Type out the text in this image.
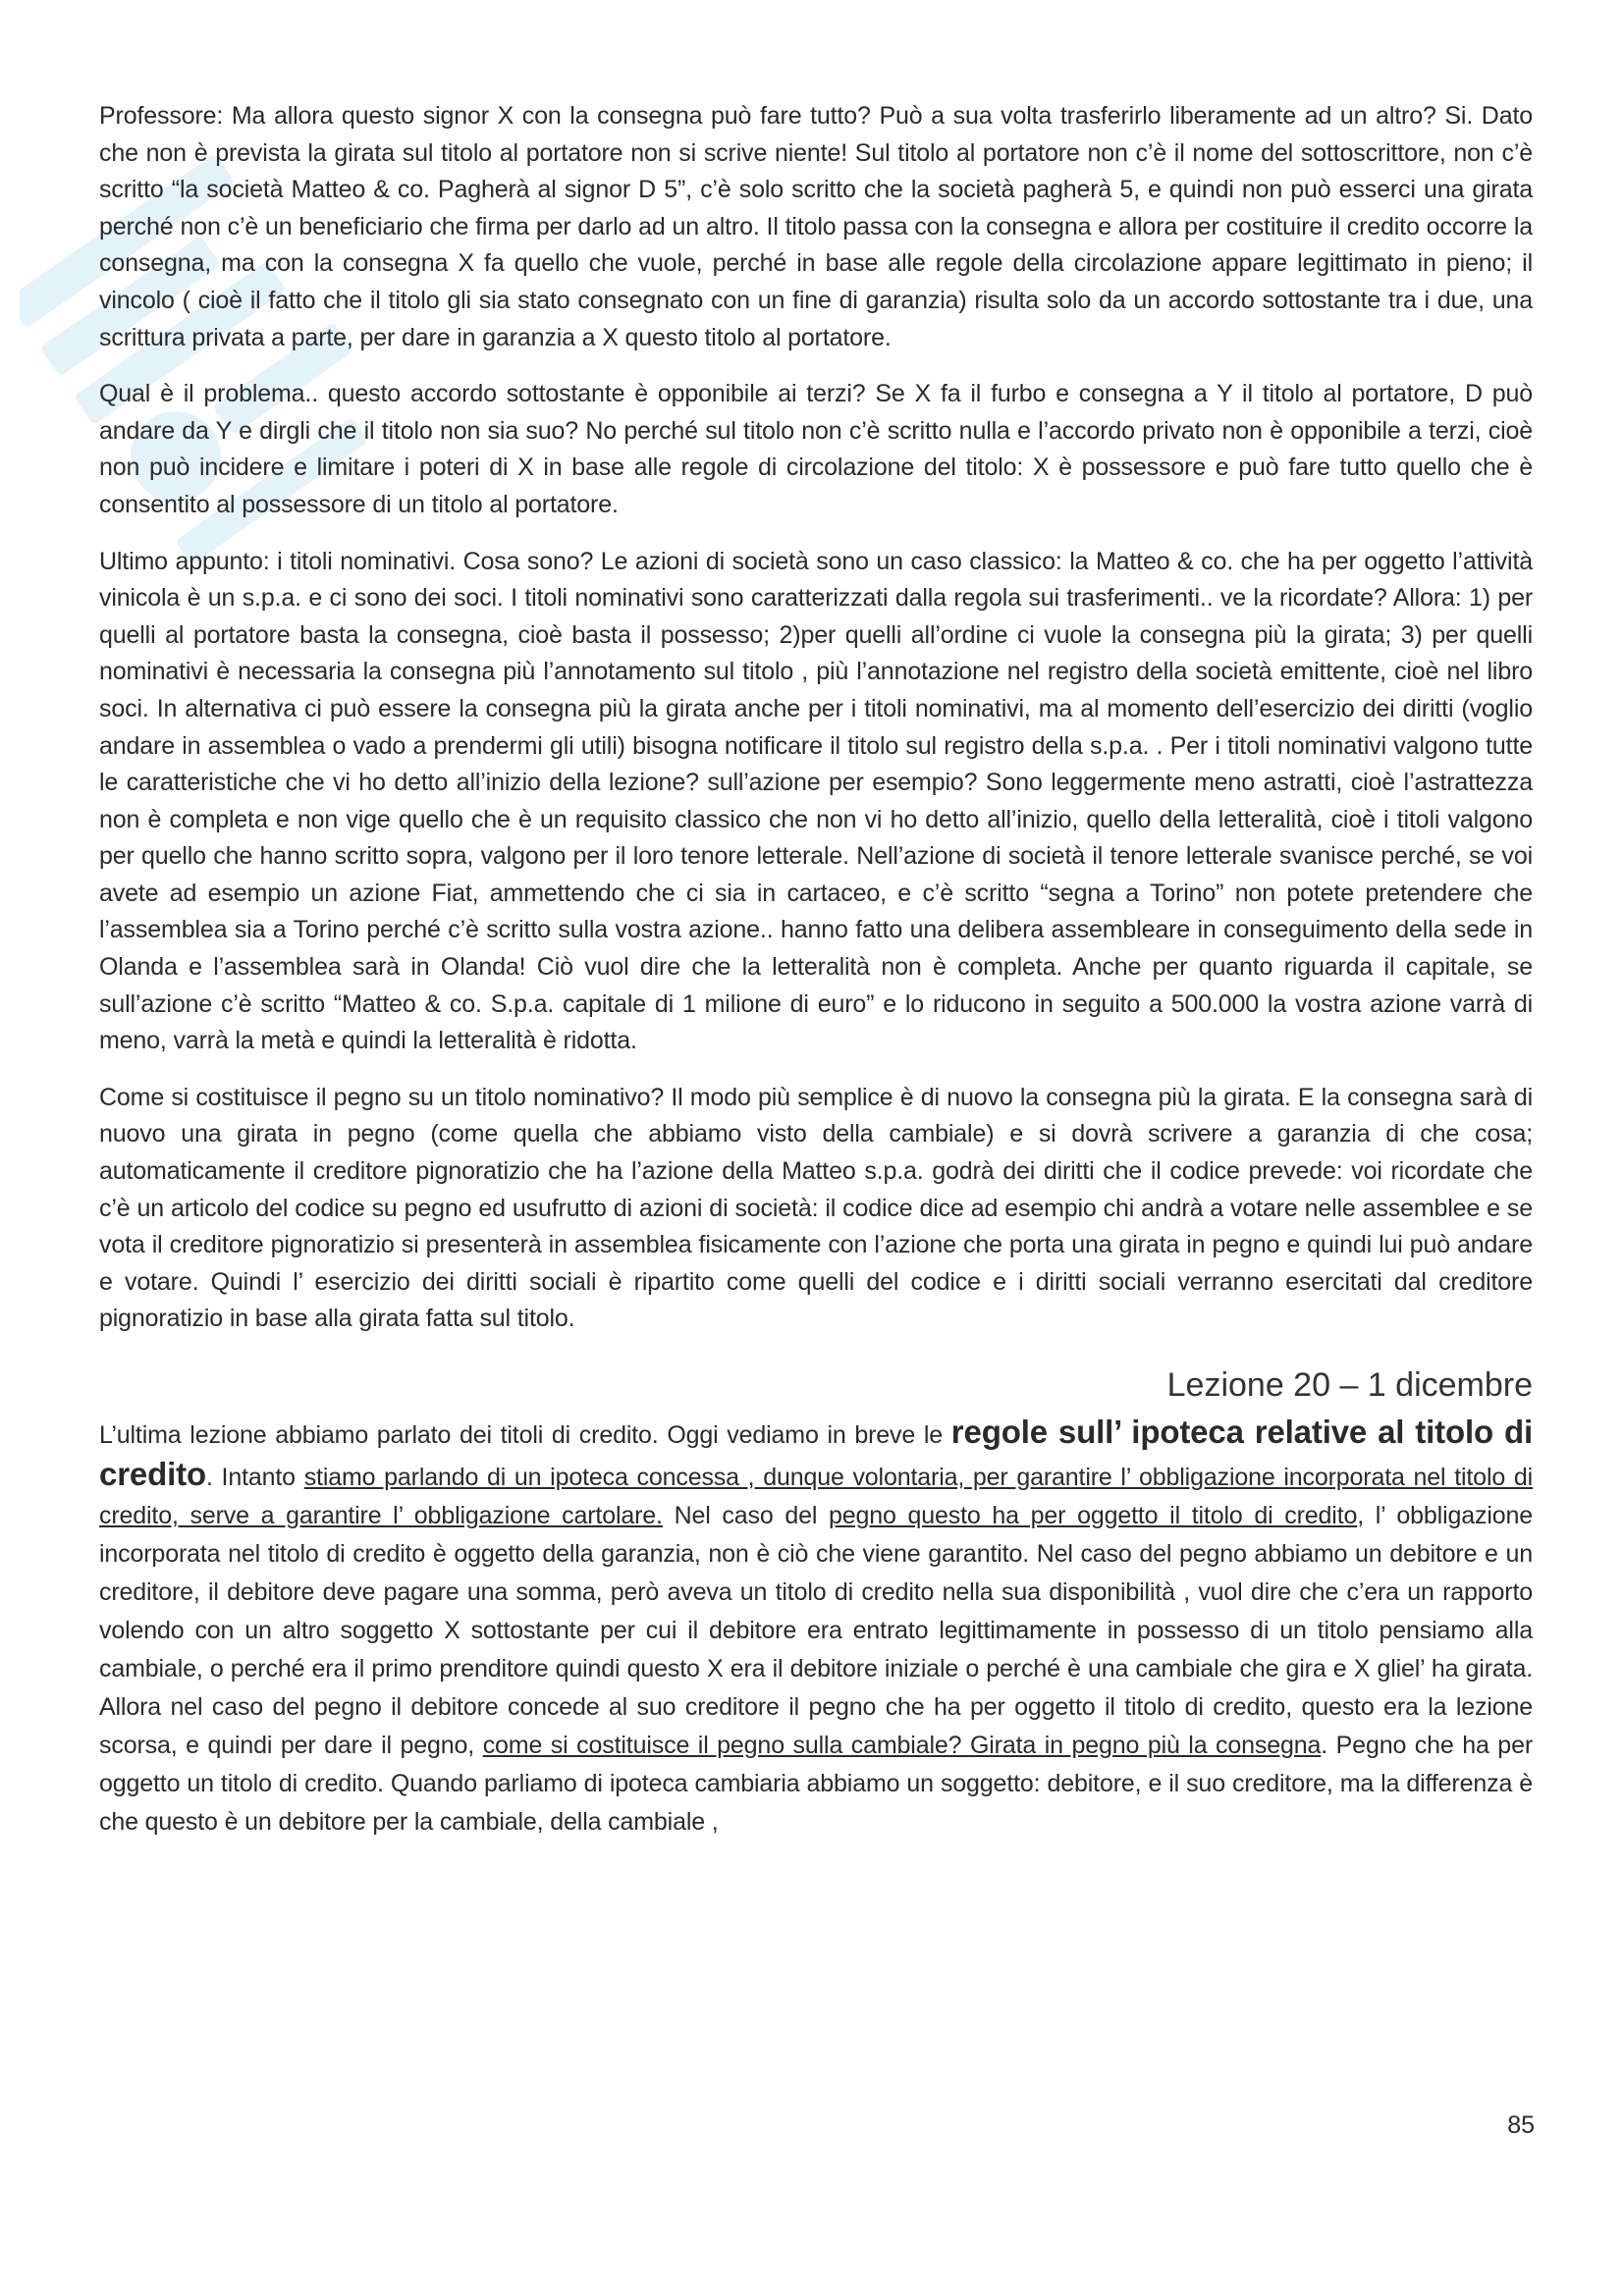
Professore: Ma allora questo signor X con la consegna può fare tutto? Può a sua volta trasferirlo liberamente ad un altro? Si. Dato che non è prevista la girata sul titolo al portatore non si scrive niente! Sul titolo al portatore non c’è il nome del sottoscrittore, non c’è scritto “la società Matteo & co. Pagherà al signor D 5”, c’è solo scritto che la società pagherà 5, e quindi non può esserci una girata perché non c’è un beneficiario che firma per darlo ad un altro. Il titolo passa con la consegna e allora per costituire il credito occorre la consegna, ma con la consegna X fa quello che vuole, perché in base alle regole della circolazione appare legittimato in pieno; il vincolo ( cioè il fatto che il titolo gli sia stato consegnato con un fine di garanzia) risulta solo da un accordo sottostante tra i due, una scrittura privata a parte, per dare in garanzia a X questo titolo al portatore.

Qual è il problema.. questo accordo sottostante è opponibile ai terzi? Se X fa il furbo e consegna a Y il titolo al portatore, D può andare da Y e dirgli che il titolo non sia suo? No perché sul titolo non c’è scritto nulla e l’accordo privato non è opponibile a terzi, cioè non può incidere e limitare i poteri di X in base alle regole di circolazione del titolo: X è possessore e può fare tutto quello che è consentito al possessore di un titolo al portatore.

Ultimo appunto: i titoli nominativi. Cosa sono? Le azioni di società sono un caso classico: la Matteo & co. che ha per oggetto l’attività vinicola è un s.p.a. e ci sono dei soci. I titoli nominativi sono caratterizzati dalla regola sui trasferimenti.. ve la ricordate? Allora: 1) per quelli al portatore basta la consegna, cioè basta il possesso; 2)per quelli all’ordine ci vuole la consegna più la girata; 3) per quelli nominativi è necessaria la consegna più l’annotamento sul titolo , più l’annotazione nel registro della società emittente, cioè nel libro soci. In alternativa ci può essere la consegna più la girata anche per i titoli nominativi, ma al momento dell’esercizio dei diritti (voglio andare in assemblea o vado a prendermi gli utili) bisogna notificare il titolo sul registro della s.p.a. . Per i titoli nominativi valgono tutte le caratteristiche che vi ho detto all’inizio della lezione? sull’azione per esempio? Sono leggermente meno astratti, cioè l’astrattezza non è completa e non vige quello che è un requisito classico che non vi ho detto all’inizio, quello della letteralità, cioè i titoli valgono per quello che hanno scritto sopra, valgono per il loro tenore letterale. Nell’azione di società il tenore letterale svanisce perché, se voi avete ad esempio un azione Fiat, ammettendo che ci sia in cartaceo, e c’è scritto “segna a Torino” non potete pretendere che l’assemblea sia a Torino perché c’è scritto sulla vostra azione.. hanno fatto una delibera assembleare in conseguimento della sede in Olanda e l’assemblea sarà in Olanda! Ciò vuol dire che la letteralità non è completa. Anche per quanto riguarda il capitale, se sull’azione c’è scritto “Matteo & co. S.p.a. capitale di 1 milione di euro” e lo riducono in seguito a 500.000 la vostra azione varrà di meno, varrà la metà e quindi la letteralità è ridotta.

Come si costituisce il pegno su un titolo nominativo? Il modo più semplice è di nuovo la consegna più la girata. E la consegna sarà di nuovo una girata in pegno (come quella che abbiamo visto della cambiale) e si dovrà scrivere a garanzia di che cosa; automaticamente il creditore pignoratizio che ha l’azione della Matteo s.p.a. godrà dei diritti che il codice prevede: voi ricordate che c’è un articolo del codice su pegno ed usufrutto di azioni di società: il codice dice ad esempio chi andrà a votare nelle assemblee e se vota il creditore pignoratizio si presenterà in assemblea fisicamente con l’azione che porta una girata in pegno e quindi lui può andare e votare. Quindi l’ esercizio dei diritti sociali è ripartito come quelli del codice e i diritti sociali verranno esercitati dal creditore pignoratizio in base alla girata fatta sul titolo.

Lezione 20 – 1 dicembre

L’ultima lezione abbiamo parlato dei titoli di credito. Oggi vediamo in breve le regole sull’ ipoteca relative al titolo di credito. Intanto stiamo parlando di un ipoteca concessa , dunque volontaria, per garantire l’ obbligazione incorporata nel titolo di credito, serve a garantire l’ obbligazione cartolare. Nel caso del pegno questo ha per oggetto il titolo di credito, l’ obbligazione incorporata nel titolo di credito è oggetto della garanzia, non è ciò che viene garantito. Nel caso del pegno abbiamo un debitore e un creditore, il debitore deve pagare una somma, però aveva un titolo di credito nella sua disponibilità , vuol dire che c’era un rapporto volendo con un altro soggetto X sottostante per cui il debitore era entrato legittimamente in possesso di un titolo pensiamo alla cambiale, o perché era il primo prenditore quindi questo X era il debitore iniziale o perché è una cambiale che gira e X gliel’ ha girata. Allora nel caso del pegno il debitore concede al suo creditore il pegno che ha per oggetto il titolo di credito, questo era la lezione scorsa, e quindi per dare il pegno, come si costituisce il pegno sulla cambiale? Girata in pegno più la consegna. Pegno che ha per oggetto un titolo di credito. Quando parliamo di ipoteca cambiaria abbiamo un soggetto: debitore, e il suo creditore, ma la differenza è che questo è un debitore per la cambiale, della cambiale ,

85
